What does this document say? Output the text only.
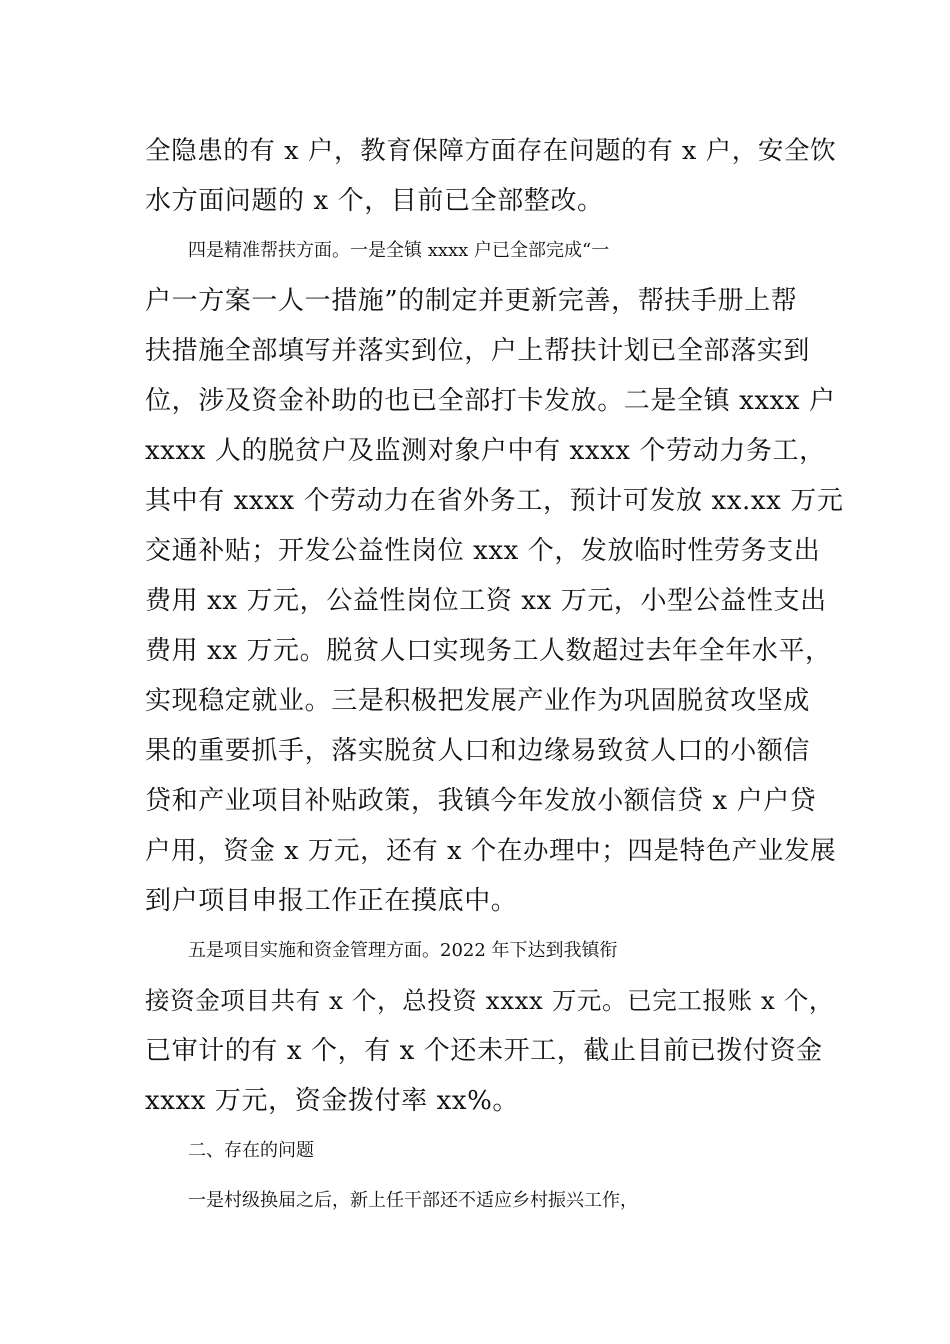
全隐患的有 x 户，教育保障方面存在问题的有 x 户，安全饮
水方面问题的 x 个，目前已全部整改。
四是精准帮扶方面。一是全镇 xxxx 户已全部完成“一
户一方案一人一措施”的制定并更新完善，帮扶手册上帮
扶措施全部填写并落实到位，户上帮扶计划已全部落实到
位，涉及资金补助的也已全部打卡发放。二是全镇 xxxx 户
xxxx 人的脱贫户及监测对象户中有 xxxx 个劳动力务工，
其中有 xxxx 个劳动力在省外务工，预计可发放 xx.xx 万元
交通补贴；开发公益性岗位 xxx 个，发放临时性劳务支出
费用 xx 万元，公益性岗位工资 xx 万元，小型公益性支出
费用 xx 万元。脱贫人口实现务工人数超过去年全年水平，
实现稳定就业。三是积极把发展产业作为巩固脱贫攻坚成
果的重要抓手，落实脱贫人口和边缘易致贫人口的小额信
贷和产业项目补贴政策，我镇今年发放小额信贷 x 户户贷
户用，资金 x 万元，还有 x 个在办理中；四是特色产业发展
到户项目申报工作正在摸底中。
五是项目实施和资金管理方面。2022 年下达到我镇衔
接资金项目共有 x 个，总投资 xxxx 万元。已完工报账 x 个，
已审计的有 x 个，有 x 个还未开工，截止目前已拨付资金
xxxx 万元，资金拨付率 xx%。
二、存在的问题
一是村级换届之后，新上任干部还不适应乡村振兴工作，
